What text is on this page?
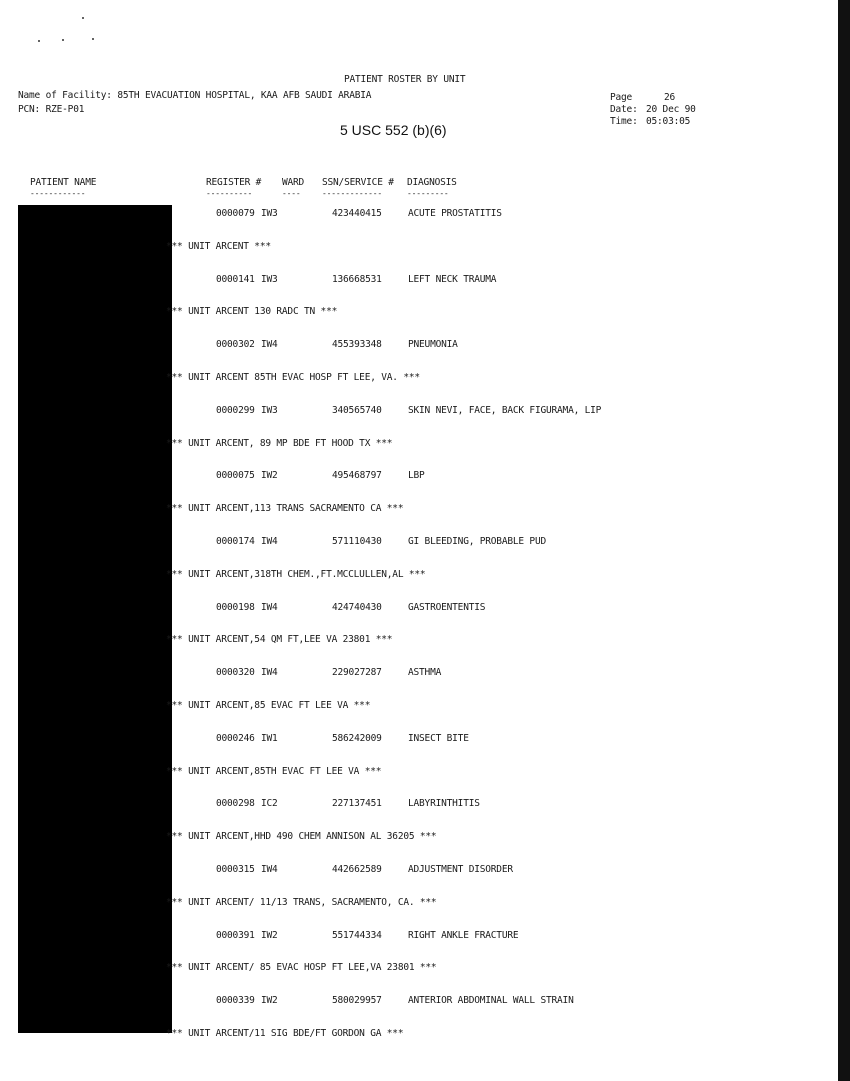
PATIENT ROSTER BY UNIT
Name of Facility: 85TH EVACUATION HOSPITAL, KAA AFB SAUDI ARABIA
PCN: RZE-P01
Page	26
Date: 20 Dec 90
Time: 05:03:05
5 USC 552 (b)(6)
PATIENT NAME	REGISTER # WARD SSN/SERVICE # DIAGNOSIS
------------	----------	----	-------------	---------
0000079 IW3	423440415	ACUTE PROSTATITIS
*** UNIT ARCENT ***
0000141 IW3	136668531	LEFT NECK TRAUMA
*** UNIT ARCENT 130 RADC TN ***
0000302 IW4	455393348	PNEUMONIA
*** UNIT ARCENT 85TH EVAC HOSP FT LEE, VA. ***
0000299 IW3	340565740	SKIN NEVI, FACE, BACK FIGURAMA, LIP
*** UNIT ARCENT, 89 MP BDE FT HOOD TX ***
0000075 IW2	495468797	LBP
*** UNIT ARCENT,113 TRANS SACRAMENTO CA ***
0000174 IW4	571110430	GI BLEEDING, PROBABLE PUD
*** UNIT ARCENT,318TH CHEM.,FT.MCCLULLEN,AL ***
0000198 IW4	424740430	GASTROENTENTIS
*** UNIT ARCENT,54 QM FT,LEE VA 23801 ***
0000320 IW4	229027287	ASTHMA
*** UNIT ARCENT,85 EVAC FT LEE VA ***
0000246 IW1	586242009	INSECT BITE
*** UNIT ARCENT,85TH EVAC FT LEE VA ***
0000298 IC2	227137451	LABYRINTHITIS
*** UNIT ARCENT,HHD 490 CHEM ANNISON AL 36205 ***
0000315 IW4	442662589	ADJUSTMENT DISORDER
*** UNIT ARCENT/ 11/13 TRANS, SACRAMENTO, CA. ***
0000391 IW2	551744334	RIGHT ANKLE FRACTURE
*** UNIT ARCENT/ 85 EVAC HOSP FT LEE,VA 23801 ***
0000339 IW2	580029957	ANTERIOR ABDOMINAL WALL STRAIN
*** UNIT ARCENT/11 SIG BDE/FT GORDON GA ***
